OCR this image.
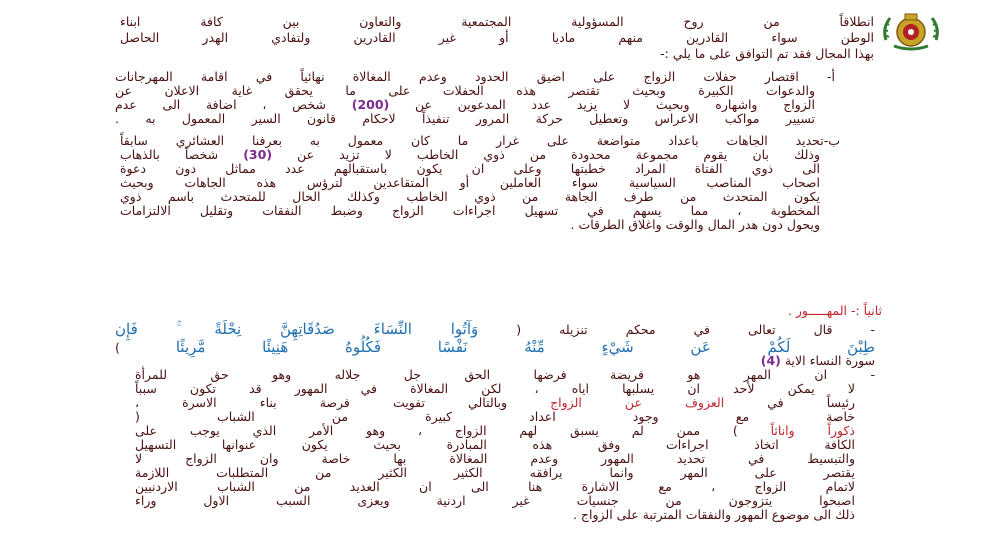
انطلاقاً من روح المسؤولية المجتمعية والتعاون بين كافة ابناء
الوطن سواء القادرين منهم ماديا أو غير القادرين ولتفادي الهدر الحاصل
بهذا المجال فقد تم التوافق على ما يلي :-
أ- اقتصار حفلات الزواج على اضيق الحدود وعدم المغالاة نهائياً في اقامة المهرجانات
والدعوات الكبيرة وبحيث تقتصر هذه الحفلات على ما يحقق غاية الاعلان عن
الزواج واشهاره وبحيث لا يزيد عدد المدعوين عن (200) شخص ، اضافة الى عدم
تسيير مواكب الاعراس وتعطيل حركة المرور تنفيذاً لاحكام قانون السير المعمول به .
ب-تحديد الجاهات باعداد متواضعة على غرار ما كان معمول به بعرفنا العشائري سابقاً
وذلك بان يقوم مجموعة محدودة من ذوي الخاطب لا تزيد عن (30) شخصاً بالذهاب
الى ذوي الفتاة المراد خطبتها وعلى ان يكون باستقبالهم عدد مماثل دون دعوة
اصحاب المناصب السياسية سواء العاملين أو المتقاعدين لترؤس هذه الجاهات وبحيث
يكون المتحدث من طرف الجاهة من ذوي الخاطب وكذلك الحال للمتحدث باسم ذوي
المخطوبة ، مما يسهم في تسهيل اجراءات الزواج وضبط النفقات وتقليل الالتزامات
ويحول دون هدر المال والوقت واغلاق الطرقات .
ثانياً :- المهـــــور .
- قال تعالى في محكم تنزيله ( وَآتُوا النِّسَاءَ صَدُقَاتِهِنَّ نِحْلَةً ۚ فَإِن
طِبْنَ لَكُمْ عَن شَيْءٍ مِّنْهُ نَفْسًا فَكُلُوهُ هَنِيئًا مَّرِيئًا )
سورة النساء الاية (4)
- ان المهر هو فريضة فرضها الحق جل جلاله وهو حق للمرأة
لا يمكن لأحد ان يسلبها اياه ، لكن المغالاة في المهور قد تكون سبباً
رئيساً في العزوف عن الزواج وبالتالي تفويت فرصة بناء الاسرة ،
خاصة مع وجود اعداد كبيرة من الشباب (
ذكوراً واناثاً ) ممن لم يسبق لهم الزواج ، وهو الأمر الذي يوجب على
الكافة اتخاذ اجراءات وفق هذه المبادرة بحيث يكون عنوانها التسهيل
والتبسيط في تحديد المهور وعدم المغالاة بها خاصة وان الزواج لا
يقتصر على المهر وانما يرافقه الكثير الكثير من المتطلبات اللازمة
لاتمام الزواج ، مع الاشارة هنا الى ان العديد من الشباب الاردنيين
اصبحوا يتزوجون من جنسيات غير اردنية ويعزى السبب الاول وراء
ذلك الى موضوع المهور والنفقات المترتبة على الزواج .
